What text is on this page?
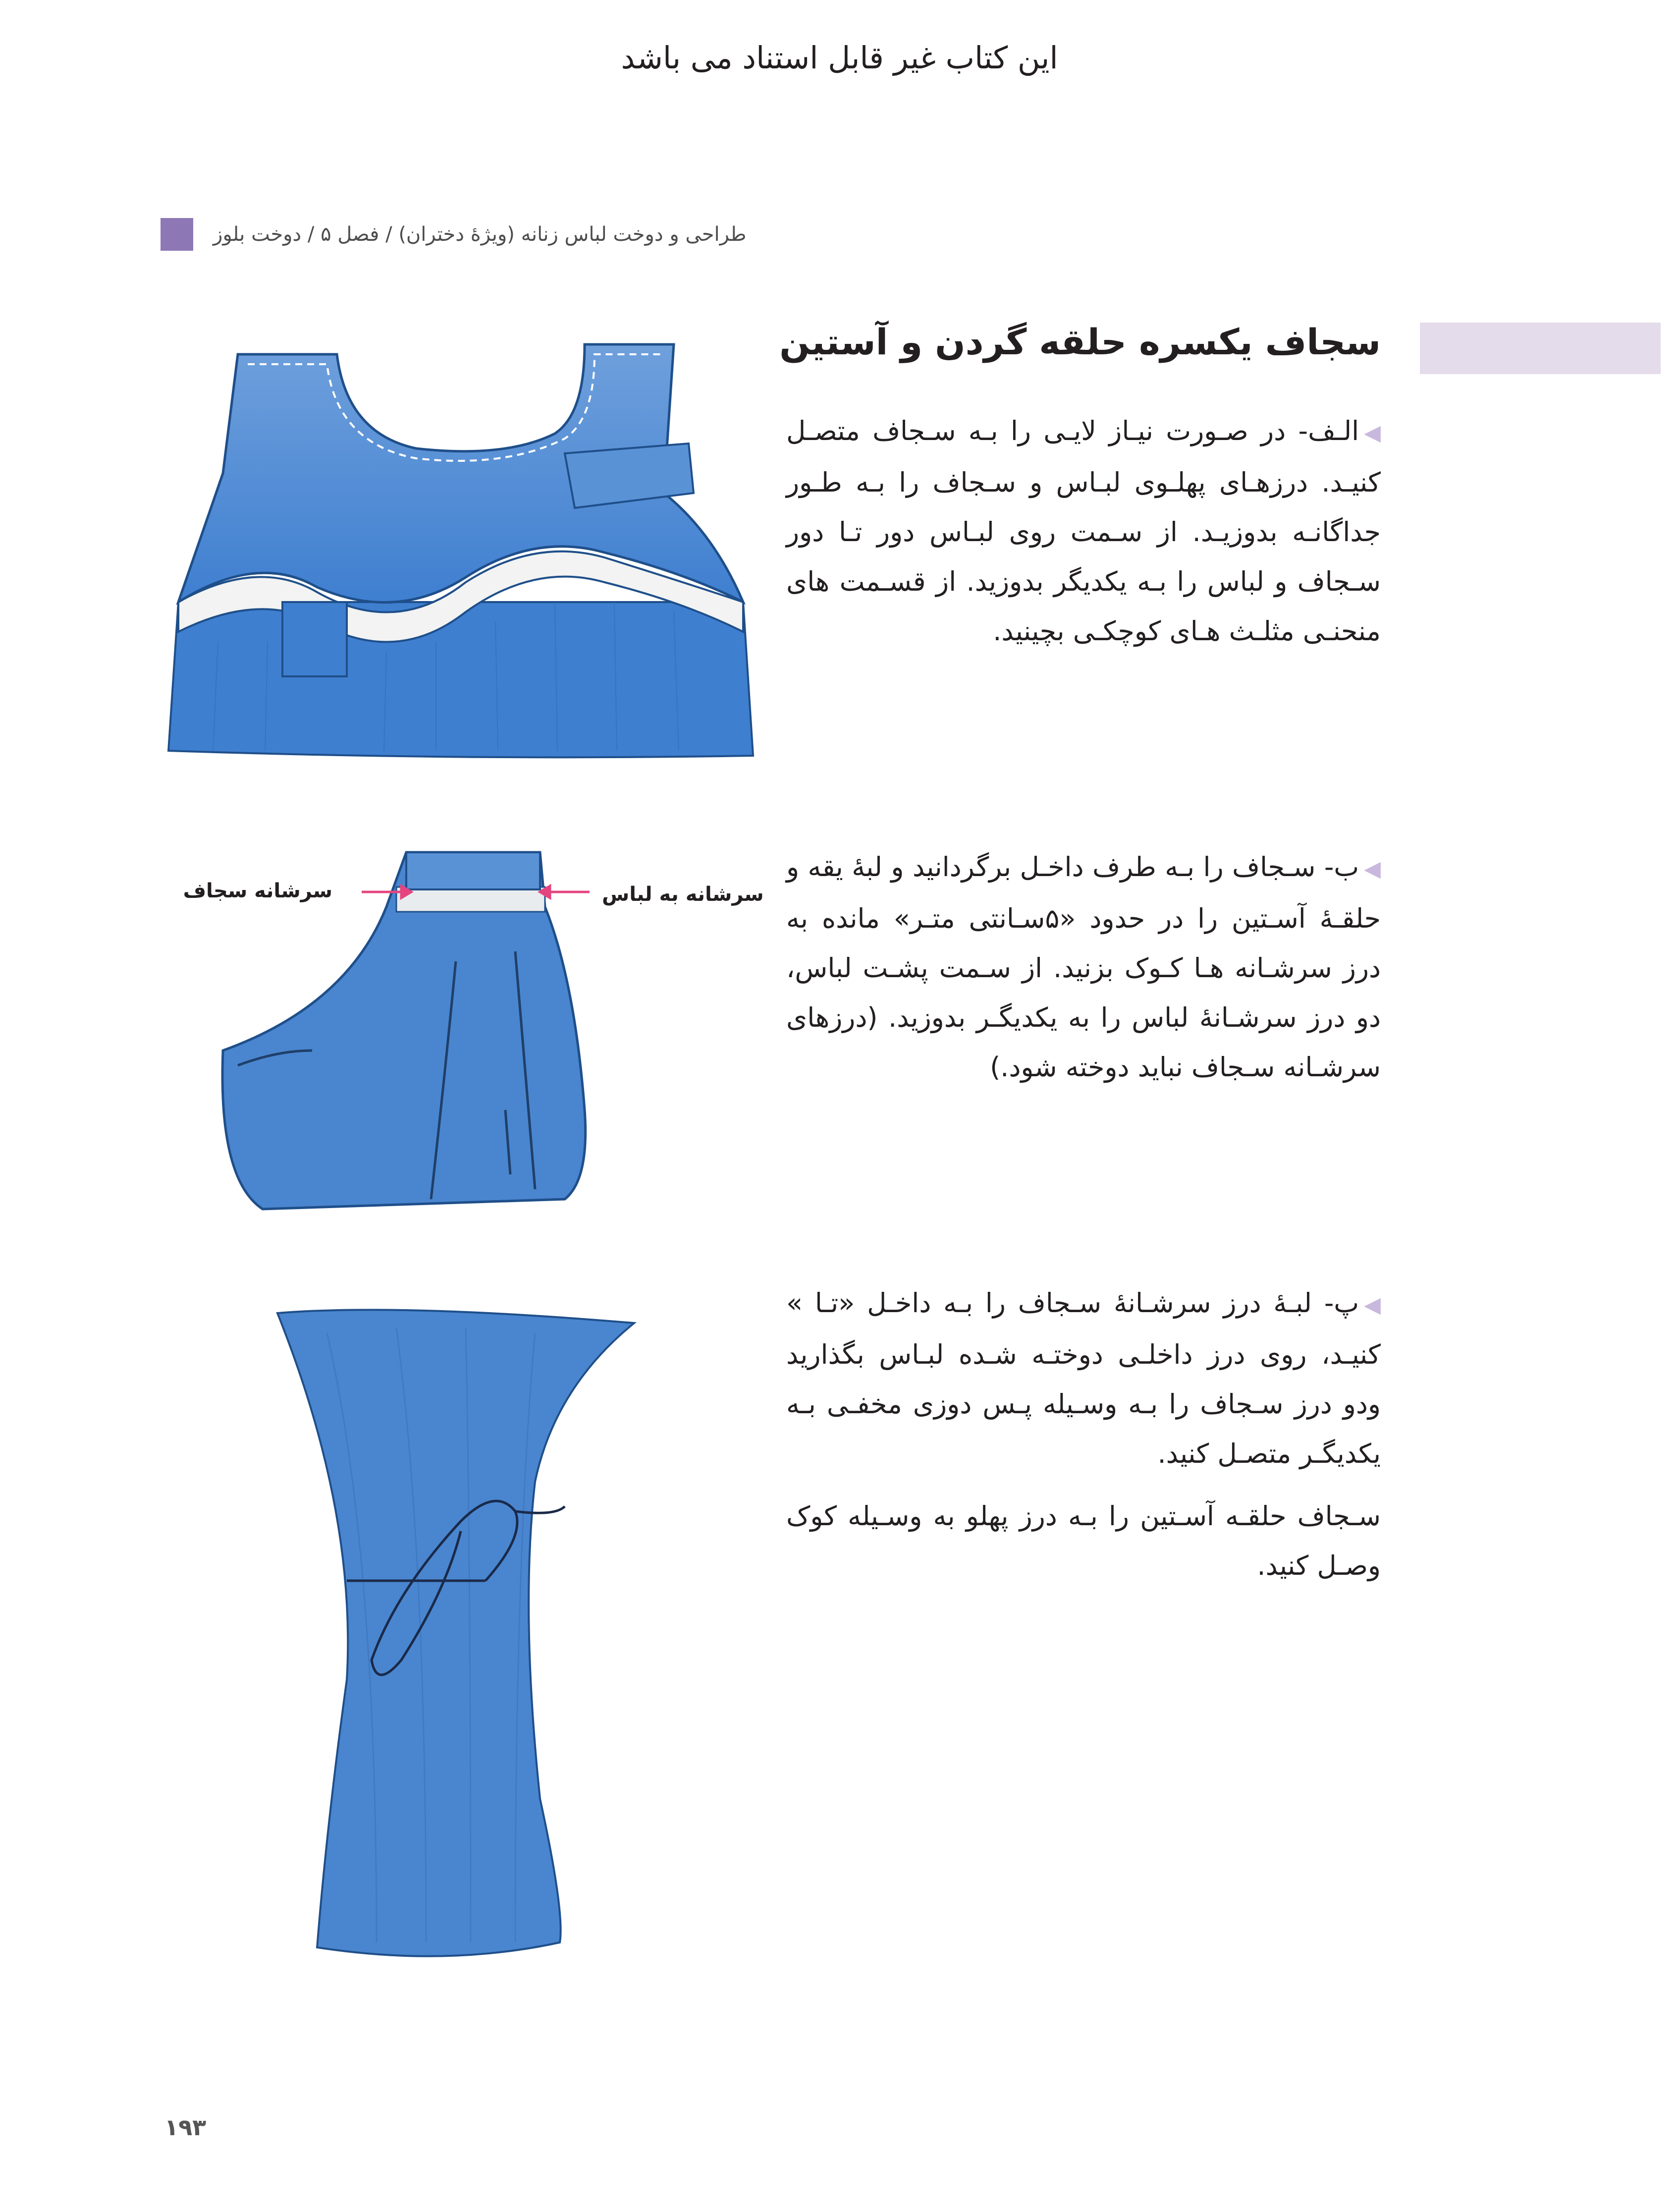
این کتاب غیر قابل استناد می باشد
طراحی و دوخت لباس زنانه (ویژهٔ دختران) / فصل ۵ / دوخت بلوز
سجاف یکسره حلقه گردن و آستین
◀الـف- در صـورت نیـاز لایـی را بـه سـجاف متصـل کنیـد. درزهـای پهلـوی لبـاس و سـجاف را بـه طـور جداگانـه بدوزیـد. از سـمت روی لبـاس دور تـا دور سـجاف و لباس را بـه یکدیگر بدوزید. از قسـمت های منحنـی مثلـث هـای کوچکـی بچینید.
◀ب- سـجاف را بـه طرف داخـل برگردانید و لبهٔ یقه و حلقـهٔ آسـتین را در حدود «۵سـانتی متـر» مانده به درز سرشـانه هـا کـوک بزنید. از سـمت پشـت لباس، دو درز سرشـانهٔ لباس را به یکدیگـر بدوزید. (درزهای سرشـانه سـجاف نباید دوخته شود.)
◀پ- لبـهٔ درز سرشـانهٔ سـجاف را بـه داخـل «تـا » کنیـد، روی درز داخلـی دوختـه شـده لبـاس بگذارید ودو درز سـجاف را بـه وسـیله پـس دوزی مخفـی بـه یکدیگـر متصـل کنید.
سـجاف حلقـه آسـتین را بـه درز پهلو به وسـیله کوک وصـل کنید.
سرشانه سجاف	سرشانه به لباس
۱۹۳
